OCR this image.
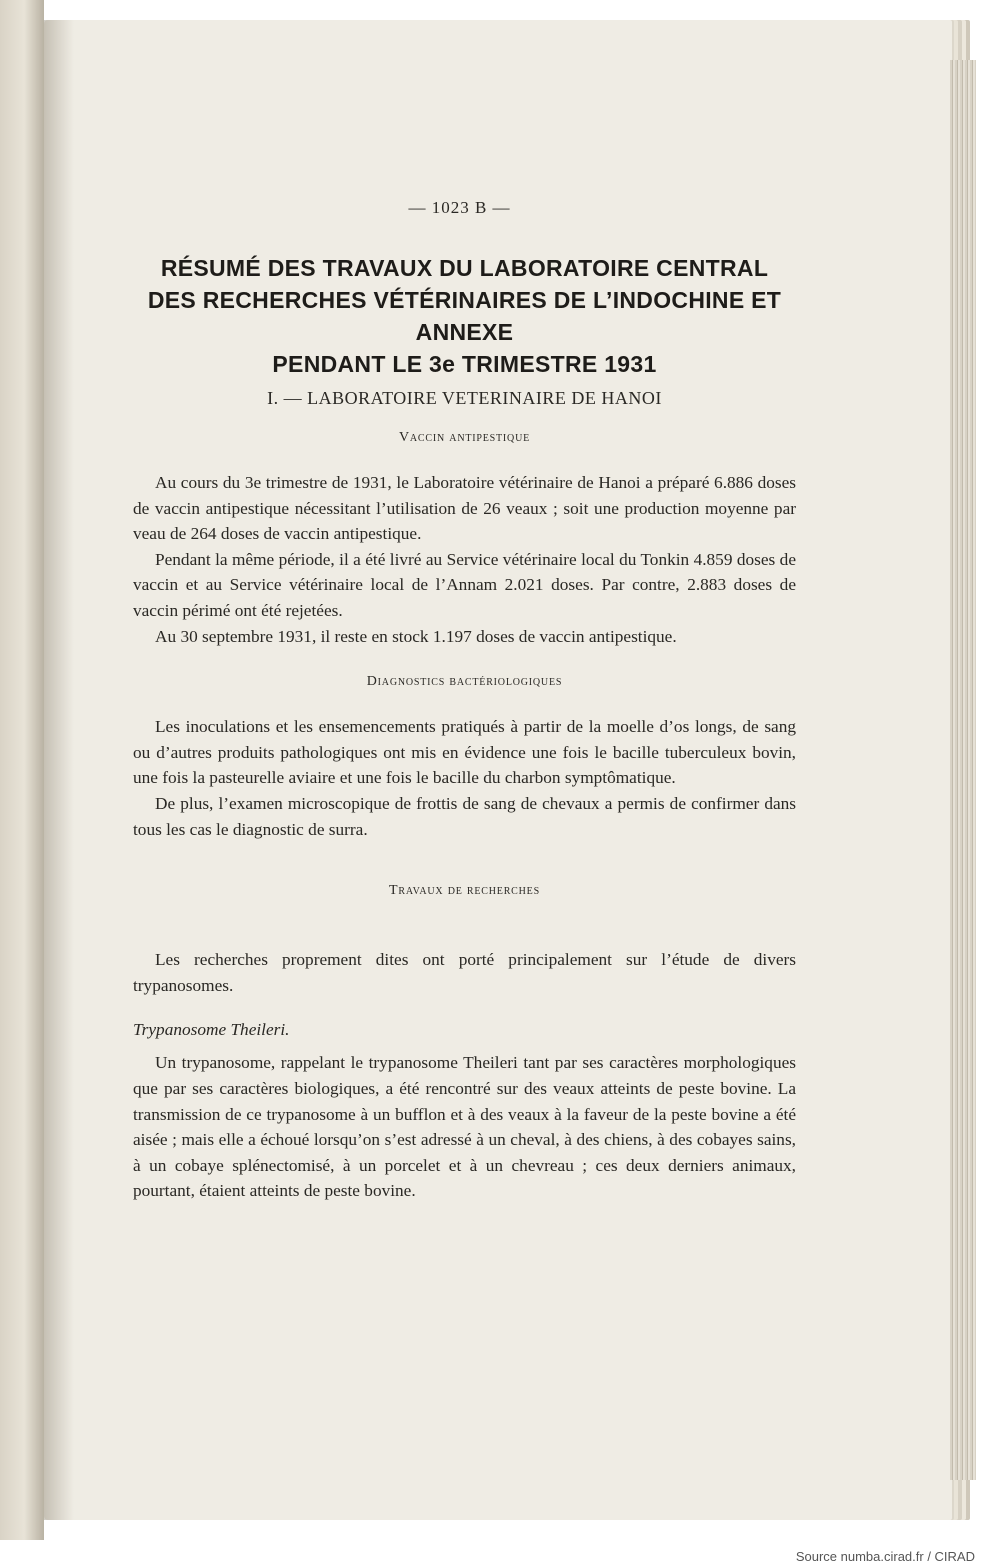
— 1023 B —
RÉSUMÉ DES TRAVAUX DU LABORATOIRE CENTRAL
DES RECHERCHES VÉTÉRINAIRES DE L’INDOCHINE ET ANNEXE
PENDANT LE 3e TRIMESTRE 1931
I. — LABORATOIRE VETERINAIRE DE HANOI
Vaccin antipestique

Au cours du 3e trimestre de 1931, le Laboratoire vétérinaire de Hanoi a préparé 6.886 doses de vaccin antipestique nécessitant l’utilisation de 26 veaux ; soit une production moyenne par veau de 264 doses de vaccin antipestique.

Pendant la même période, il a été livré au Service vétérinaire local du Tonkin 4.859 doses de vaccin et au Service vétérinaire local de l’Annam 2.021 doses. Par contre, 2.883 doses de vaccin périmé ont été rejetées.

Au 30 septembre 1931, il reste en stock 1.197 doses de vaccin antipestique.

Diagnostics bactériologiques

Les inoculations et les ensemencements pratiqués à partir de la moelle d’os longs, de sang ou d’autres produits pathologiques ont mis en évidence une fois le bacille tuberculeux bovin, une fois la pasteurelle aviaire et une fois le bacille du charbon symptômatique.

De plus, l’examen microscopique de frottis de sang de chevaux a permis de confirmer dans tous les cas le diagnostic de surra.

Travaux de recherches

Les recherches proprement dites ont porté principalement sur l’étude de divers trypanosomes.

Trypanosome Theileri.

Un trypanosome, rappelant le trypanosome Theileri tant par ses caractères morphologiques que par ses caractères biologiques, a été rencontré sur des veaux atteints de peste bovine. La transmission de ce trypanosome à un bufflon et à des veaux à la faveur de la peste bovine a été aisée ; mais elle a échoué lorsqu’on s’est adressé à un cheval, à des chiens, à des cobayes sains, à un cobaye splénectomisé, à un porcelet et à un chevreau ; ces deux derniers animaux, pourtant, étaient atteints de peste bovine.

Source numba.cirad.fr / CIRAD
